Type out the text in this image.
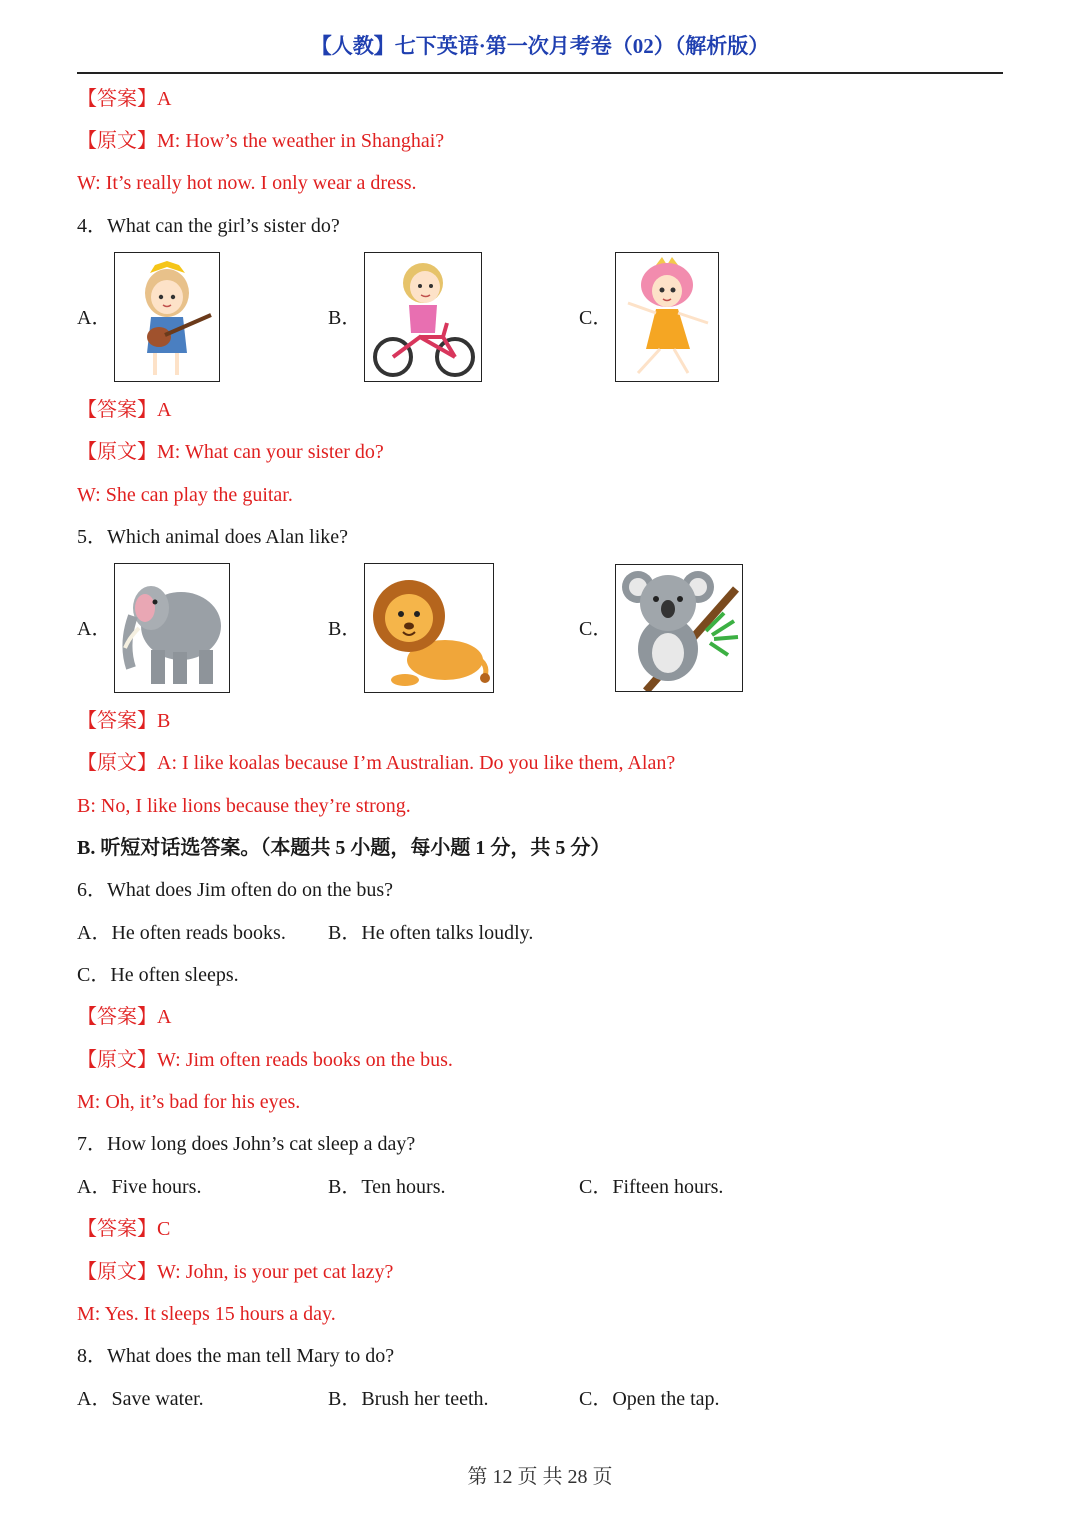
【人教】七下英语·第一次月考卷（02）（解析版）
【答案】A
【原文】M: How’s the weather in Shanghai?
W: It’s really hot now. I only wear a dress.
4．What can the girl’s sister do?
A．	B．	C．
【答案】A
【原文】M: What can your sister do?
W: She can play the guitar.
5．Which animal does Alan like?
A．	B．	C．
【答案】B
【原文】A: I like koalas because I’m Australian. Do you like them, Alan?
B: No, I like lions because they’re strong.
B. 听短对话选答案。（本题共 5 小题，每小题 1 分，共 5 分）
6．What does Jim often do on the bus?
A．He often reads books. B．He often talks loudly.
C．He often sleeps.
【答案】A
【原文】W: Jim often reads books on the bus.
M: Oh, it’s bad for his eyes.
7．How long does John’s cat sleep a day?
A．Five hours.	B．Ten hours.	C．Fifteen hours.
【答案】C
【原文】W: John, is your pet cat lazy?
M: Yes. It sleeps 15 hours a day.
8．What does the man tell Mary to do?
A．Save water.	B．Brush her teeth.	C．Open the tap.
第 12 页 共 28 页
